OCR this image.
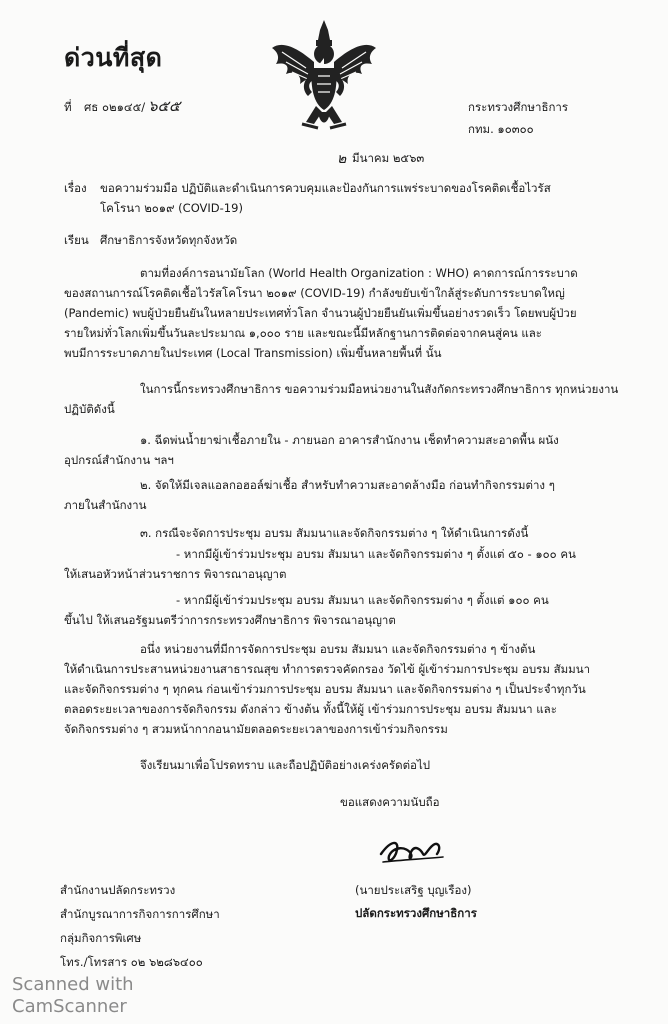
ด่วนที่สุด
ที่ ศธ ๐๒๑๔๕/ ๖๕๕	กระทรวงศึกษาธิการ
กทม. ๑๐๓๐๐
๒ มีนาคม ๒๕๖๓
เรื่อง ขอความร่วมมือ ปฏิบัติและดำเนินการควบคุมและป้องกันการแพร่ระบาดของโรคติดเชื้อไวรัส
โคโรนา ๒๐๑๙ (COVID-19)
เรียน ศึกษาธิการจังหวัดทุกจังหวัด
ตามที่องค์การอนามัยโลก (World Health Organization : WHO) คาดการณ์การระบาด
ของสถานการณ์โรคติดเชื้อไวรัสโคโรนา ๒๐๑๙ (COVID-19) กำลังขยับเข้าใกล้สู่ระดับการระบาดใหญ่
(Pandemic) พบผู้ป่วยยืนยันในหลายประเทศทั่วโลก จำนวนผู้ป่วยยืนยันเพิ่มขึ้นอย่างรวดเร็ว โดยพบผู้ป่วย
รายใหม่ทั่วโลกเพิ่มขึ้นวันละประมาณ ๑,๐๐๐ ราย และขณะนี้มีหลักฐานการติดต่อจากคนสู่คน และ
พบมีการระบาดภายในประเทศ (Local Transmission) เพิ่มขึ้นหลายพื้นที่ นั้น
ในการนี้กระทรวงศึกษาธิการ ขอความร่วมมือหน่วยงานในสังกัดกระทรวงศึกษาธิการ ทุกหน่วยงาน
ปฏิบัติดังนี้
๑. ฉีดพ่นน้ำยาฆ่าเชื้อภายใน - ภายนอก อาคารสำนักงาน เช็ดทำความสะอาดพื้น ผนัง
อุปกรณ์สำนักงาน ฯลฯ
๒. จัดให้มีเจลแอลกอฮอล์ฆ่าเชื้อ สำหรับทำความสะอาดล้างมือ ก่อนทำกิจกรรมต่าง ๆ
ภายในสำนักงาน
๓. กรณีจะจัดการประชุม อบรม สัมมนาและจัดกิจกรรมต่าง ๆ ให้ดำเนินการดังนี้
- หากมีผู้เข้าร่วมประชุม อบรม สัมมนา และจัดกิจกรรมต่าง ๆ ตั้งแต่ ๕๐ - ๑๐๐ คน
ให้เสนอหัวหน้าส่วนราชการ พิจารณาอนุญาต
- หากมีผู้เข้าร่วมประชุม อบรม สัมมนา และจัดกิจกรรมต่าง ๆ ตั้งแต่ ๑๐๐ คน
ขึ้นไป ให้เสนอรัฐมนตรีว่าการกระทรวงศึกษาธิการ พิจารณาอนุญาต
อนึ่ง หน่วยงานที่มีการจัดการประชุม อบรม สัมมนา และจัดกิจกรรมต่าง ๆ ข้างต้น
ให้ดำเนินการประสานหน่วยงานสาธารณสุข ทำการตรวจคัดกรอง วัดไข้ ผู้เข้าร่วมการประชุม อบรม สัมมนา
และจัดกิจกรรมต่าง ๆ ทุกคน ก่อนเข้าร่วมการประชุม อบรม สัมมนา และจัดกิจกรรมต่าง ๆ เป็นประจำทุกวัน
ตลอดระยะเวลาของการจัดกิจกรรม ดังกล่าว ข้างต้น ทั้งนี้ให้ผู้ เข้าร่วมการประชุม อบรม สัมมนา และ
จัดกิจกรรมต่าง ๆ สวมหน้ากากอนามัยตลอดระยะเวลาของการเข้าร่วมกิจกรรม
จึงเรียนมาเพื่อโปรดทราบ และถือปฏิบัติอย่างเคร่งครัดต่อไป
ขอแสดงความนับถือ
(นายประเสริฐ บุญเรือง)
ปลัดกระทรวงศึกษาธิการ
สำนักงานปลัดกระทรวง
สำนักบูรณาการกิจการการศึกษา
กลุ่มกิจการพิเศษ
โทร./โทรสาร ๐๒ ๖๒๘๖๔๐๐
Scanned with
CamScanner
